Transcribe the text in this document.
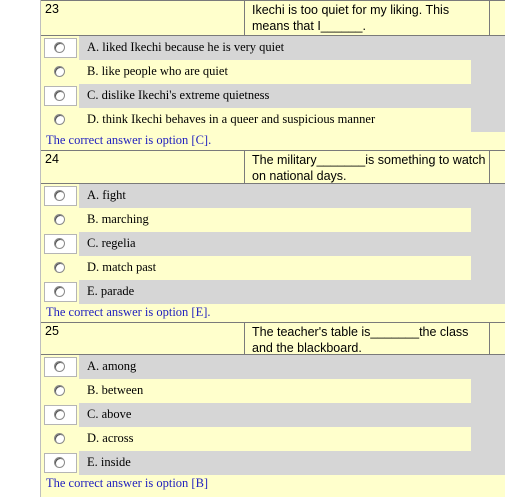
23	Ikechi is too quiet for my liking. This means that I______.
A. liked Ikechi because he is very quiet
B. like people who are quiet
C. dislike Ikechi's extreme quietness
D. think Ikechi behaves in a queer and suspicious manner
The correct answer is option [C].
24	The military_______is something to watch on national days.
A. fight
B. marching
C. regelia
D. match past
E. parade
The correct answer is option [E].
25	The teacher's table is_______the class and the blackboard.
A. among
B. between
C. above
D. across
E. inside
The correct answer is option [B]
